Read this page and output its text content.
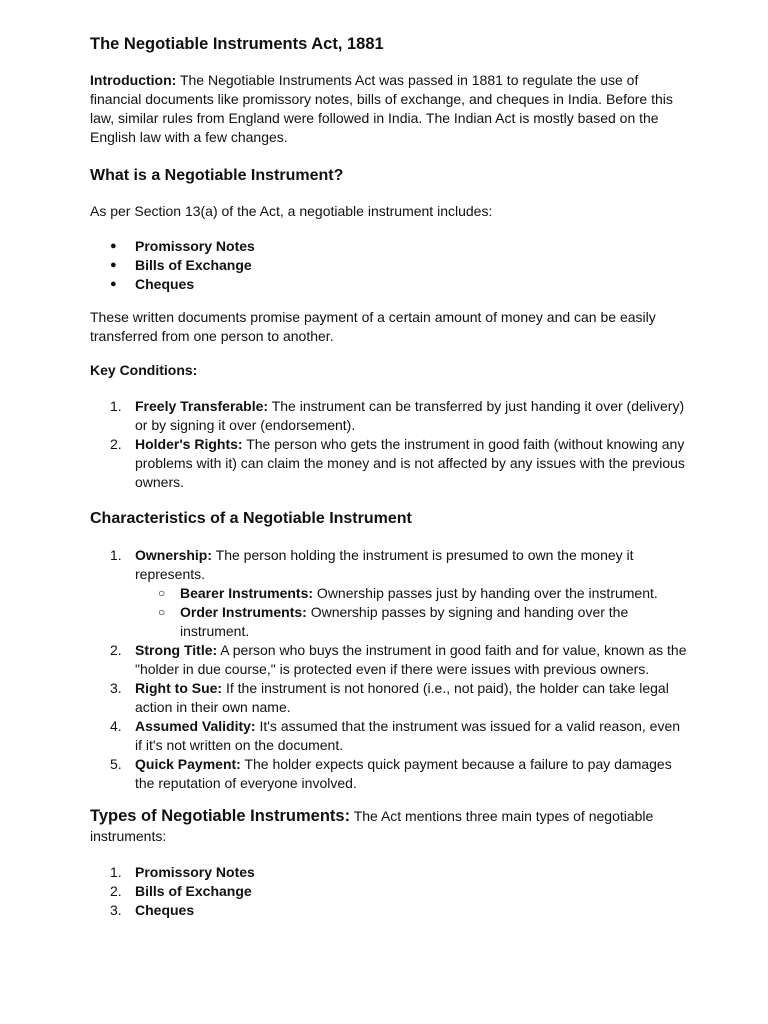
The Negotiable Instruments Act, 1881

Introduction: The Negotiable Instruments Act was passed in 1881 to regulate the use of financial documents like promissory notes, bills of exchange, and cheques in India. Before this law, similar rules from England were followed in India. The Indian Act is mostly based on the English law with a few changes.

What is a Negotiable Instrument?

As per Section 13(a) of the Act, a negotiable instrument includes:

● Promissory Notes
● Bills of Exchange
● Cheques

These written documents promise payment of a certain amount of money and can be easily transferred from one person to another.

Key Conditions:

1. Freely Transferable: The instrument can be transferred by just handing it over (delivery) or by signing it over (endorsement).
2. Holder's Rights: The person who gets the instrument in good faith (without knowing any problems with it) can claim the money and is not affected by any issues with the previous owners.
Characteristics of a Negotiable Instrument
1. Ownership: The person holding the instrument is presumed to own the money it represents.
○	Bearer Instruments: Ownership passes just by handing over the instrument.
○	Order Instruments: Ownership passes by signing and handing over the instrument.
2. Strong Title: A person who buys the instrument in good faith and for value, known as the "holder in due course," is protected even if there were issues with previous owners.
3. Right to Sue: If the instrument is not honored (i.e., not paid), the holder can take legal action in their own name.
4. Assumed Validity: It's assumed that the instrument was issued for a valid reason, even if it's not written on the document.
5. Quick Payment: The holder expects quick payment because a failure to pay damages the reputation of everyone involved.

Types of Negotiable Instruments: The Act mentions three main types of negotiable instruments:

1. Promissory Notes
2. Bills of Exchange
3. Cheques
